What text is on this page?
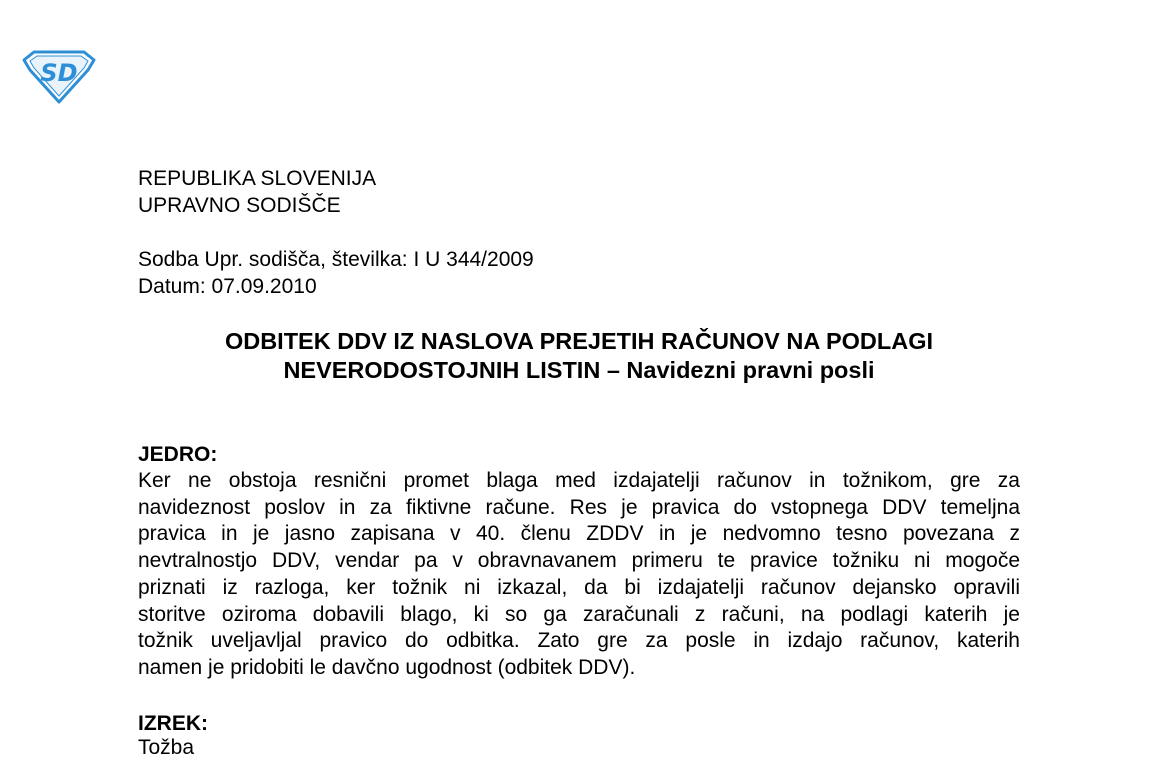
SD
REPUBLIKA SLOVENIJA
UPRAVNO SODIŠČE
Sodba Upr. sodišča, številka: I U 344/2009
Datum: 07.09.2010
ODBITEK DDV IZ NASLOVA PREJETIH RAČUNOV NA PODLAGI
NEVERODOSTOJNIH LISTIN – Navidezni pravni posli
JEDRO:

Ker ne obstoja resnični promet blaga med izdajatelji računov in tožnikom, gre za
navideznost poslov in za fiktivne račune. Res je pravica do vstopnega DDV temeljna
pravica in je jasno zapisana v 40. členu ZDDV in je nedvomno tesno povezana z
nevtralnostjo DDV, vendar pa v obravnavanem primeru te pravice tožniku ni mogoče
priznati iz razloga, ker tožnik ni izkazal, da bi izdajatelji računov dejansko opravili
storitve oziroma dobavili blago, ki so ga zaračunali z računi, na podlagi katerih je
tožnik uveljavljal pravico do odbitka. Zato gre za posle in izdajo računov, katerih
namen je pridobiti le davčno ugodnost (odbitek DDV).

IZREK:
Tožba
